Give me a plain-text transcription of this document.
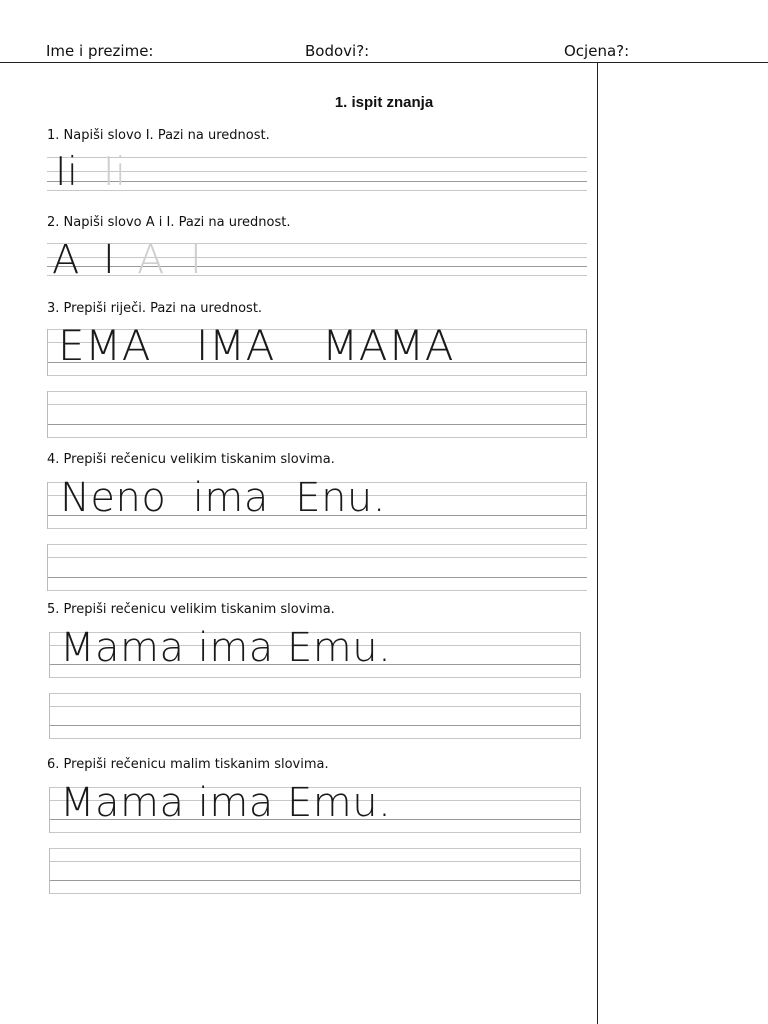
Ime i prezime:	Bodovi?:	Ocjena?:
1. ispit znanja
1. Napiši slovo I. Pazi na urednost.
Ii Ii
2. Napiši slovo A i I. Pazi na urednost.
A I A I
3. Prepiši riječi. Pazi na urednost.
EMA IMA MAMA
4. Prepiši rečenicu velikim tiskanim slovima.
Neno  ima  Enu.
5. Prepiši rečenicu velikim tiskanim slovima.
Mama ima Emu.
6. Prepiši rečenicu malim tiskanim slovima.
Mama ima Emu.
